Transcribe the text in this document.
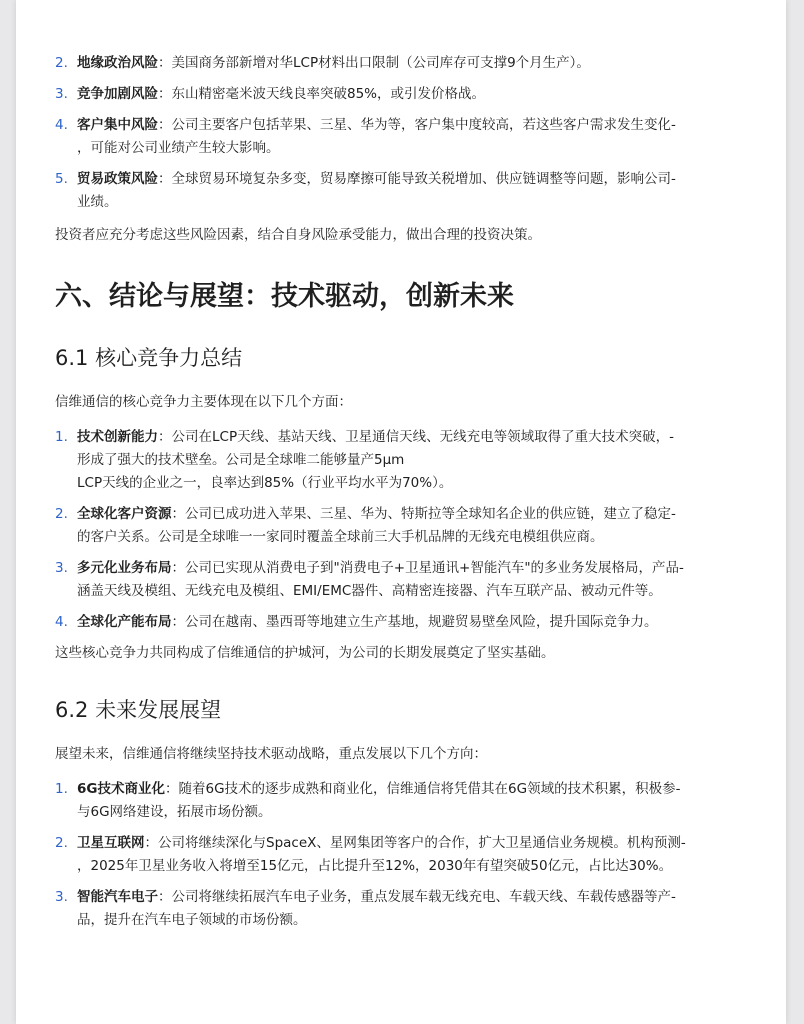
2. 地缘政治风险：美国商务部新增对华LCP材料出口限制（公司库存可支撑9个月生产）。
3. 竞争加剧风险：东山精密毫米波天线良率突破85%，或引发价格战。
4. 客户集中风险：公司主要客户包括苹果、三星、华为等，客户集中度较高，若这些客户需求发生变化-
，可能对公司业绩产生较大影响。
5. 贸易政策风险：全球贸易环境复杂多变，贸易摩擦可能导致关税增加、供应链调整等问题，影响公司-
业绩。

投资者应充分考虑这些风险因素，结合自身风险承受能力，做出合理的投资决策。

六、结论与展望：技术驱动，创新未来
6.1 核心竞争力总结

信维通信的核心竞争力主要体现在以下几个方面：

1. 技术创新能力：公司在LCP天线、基站天线、卫星通信天线、无线充电等领域取得了重大技术突破，-
形成了强大的技术壁垒。公司是全球唯二能够量产5μm
LCP天线的企业之一，良率达到85%（行业平均水平为70%）。
2. 全球化客户资源：公司已成功进入苹果、三星、华为、特斯拉等全球知名企业的供应链，建立了稳定-
的客户关系。公司是全球唯一一家同时覆盖全球前三大手机品牌的无线充电模组供应商。
3. 多元化业务布局：公司已实现从消费电子到"消费电子+卫星通讯+智能汽车"的多业务发展格局，产品-
涵盖天线及模组、无线充电及模组、EMI/EMC器件、高精密连接器、汽车互联产品、被动元件等。
4. 全球化产能布局：公司在越南、墨西哥等地建立生产基地，规避贸易壁垒风险，提升国际竞争力。

这些核心竞争力共同构成了信维通信的护城河，为公司的长期发展奠定了坚实基础。

6.2 未来发展展望

展望未来，信维通信将继续坚持技术驱动战略，重点发展以下几个方向：

1. 6G技术商业化：随着6G技术的逐步成熟和商业化，信维通信将凭借其在6G领域的技术积累，积极参-
与6G网络建设，拓展市场份额。
2. 卫星互联网：公司将继续深化与SpaceX、星网集团等客户的合作，扩大卫星通信业务规模。机构预测-
，2025年卫星业务收入将增至15亿元，占比提升至12%，2030年有望突破50亿元，占比达30%。
3. 智能汽车电子：公司将继续拓展汽车电子业务，重点发展车载无线充电、车载天线、车载传感器等产-
品，提升在汽车电子领域的市场份额。
